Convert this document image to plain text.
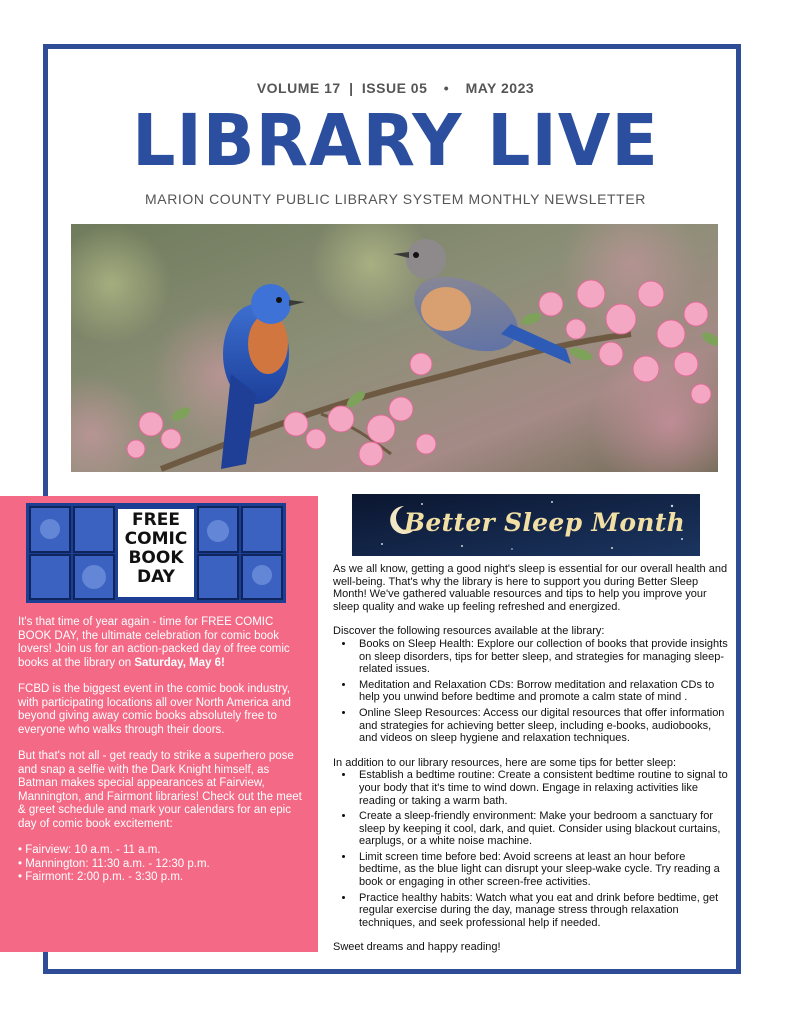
VOLUME 17 | ISSUE 05 • MAY 2023
LIBRARY LIVE
MARION COUNTY PUBLIC LIBRARY SYSTEM MONTHLY NEWSLETTER
FREE
COMIC
BOOK
DAY

It's that time of year again - time for FREE COMIC BOOK DAY, the ultimate celebration for comic book lovers! Join us for an action-packed day of free comic books at the library on Saturday, May 6!

FCBD is the biggest event in the comic book industry, with participating locations all over North America and beyond giving away comic books absolutely free to everyone who walks through their doors.

But that's not all - get ready to strike a superhero pose and snap a selfie with the Dark Knight himself, as Batman makes special appearances at Fairview, Mannington, and Fairmont libraries! Check out the meet & greet schedule and mark your calendars for an epic day of comic book excitement:

• Fairview: 10 a.m. - 11 a.m.
• Mannington: 11:30 a.m. - 12:30 p.m.
• Fairmont: 2:00 p.m. - 3:30 p.m.
Better Sleep Month

As we all know, getting a good night's sleep is essential for our overall health and well-being. That's why the library is here to support you during Better Sleep Month! We've gathered valuable resources and tips to help you improve your sleep quality and wake up feeling refreshed and energized.

Discover the following resources available at the library:

• Books on Sleep Health: Explore our collection of books that provide insights on sleep disorders, tips for better sleep, and strategies for managing sleep-related issues.
• Meditation and Relaxation CDs: Borrow meditation and relaxation CDs to help you unwind before bedtime and promote a calm state of mind .
• Online Sleep Resources: Access our digital resources that offer information and strategies for achieving better sleep, including e-books, audiobooks, and videos on sleep hygiene and relaxation techniques.

In addition to our library resources, here are some tips for better sleep:

• Establish a bedtime routine: Create a consistent bedtime routine to signal to your body that it's time to wind down. Engage in relaxing activities like reading or taking a warm bath.
• Create a sleep-friendly environment: Make your bedroom a sanctuary for sleep by keeping it cool, dark, and quiet. Consider using blackout curtains, earplugs, or a white noise machine.
• Limit screen time before bed: Avoid screens at least an hour before bedtime, as the blue light can disrupt your sleep-wake cycle. Try reading a book or engaging in other screen-free activities.
• Practice healthy habits: Watch what you eat and drink before bedtime, get regular exercise during the day, manage stress through relaxation techniques, and seek professional help if needed.

Sweet dreams and happy reading!
